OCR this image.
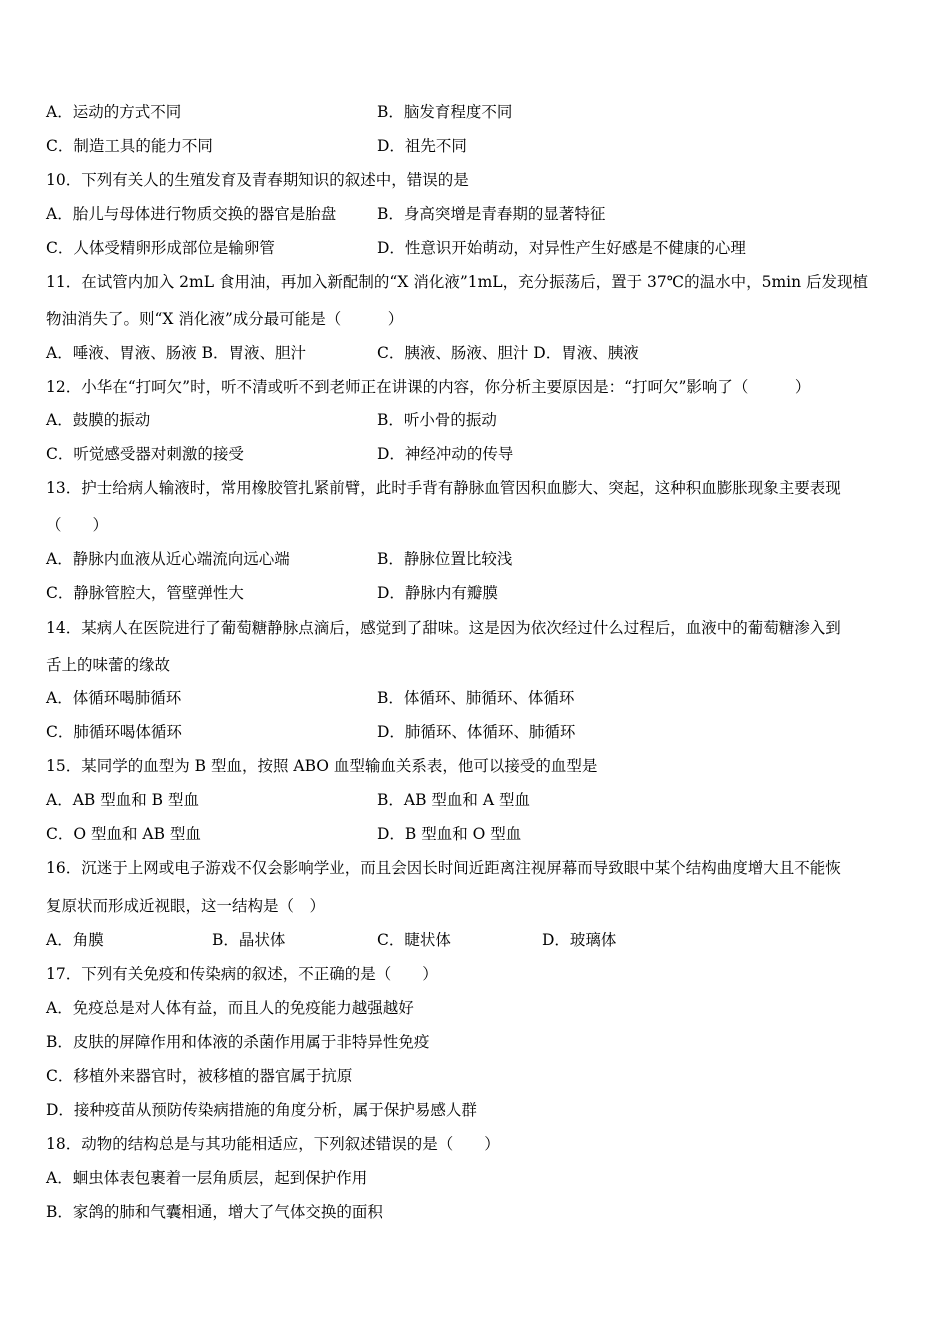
A．运动的方式不同	B．脑发育程度不同
C．制造工具的能力不同	D．祖先不同
10．下列有关人的生殖发育及青春期知识的叙述中，错误的是
A．胎儿与母体进行物质交换的器官是胎盘	B．身高突增是青春期的显著特征
C．人体受精卵形成部位是输卵管	D．性意识开始萌动，对异性产生好感是不健康的心理
11．在试管内加入 2mL 食用油，再加入新配制的“X 消化液”1mL，充分振荡后，置于 37℃的温水中，5min 后发现植
物油消失了。则“X 消化液”成分最可能是（　　　）
A．唾液、胃液、肠液 B．胃液、胆汁	C．胰液、肠液、胆汁 D．胃液、胰液
12．小华在“打呵欠”时，听不清或听不到老师正在讲课的内容，你分析主要原因是：“打呵欠”影响了（　　　）
A．鼓膜的振动	B．听小骨的振动
C．听觉感受器对刺激的接受	D．神经冲动的传导
13．护士给病人输液时，常用橡胶管扎紧前臂，此时手背有静脉血管因积血膨大、突起，这种积血膨胀现象主要表现
（　　）
A．静脉内血液从近心端流向远心端	B．静脉位置比较浅
C．静脉管腔大，管壁弹性大	D．静脉内有瓣膜
14．某病人在医院进行了葡萄糖静脉点滴后，感觉到了甜味。这是因为依次经过什么过程后，血液中的葡萄糖渗入到
舌上的味蕾的缘故
A．体循环喝肺循环	B．体循环、肺循环、体循环
C．肺循环喝体循环	D．肺循环、体循环、肺循环
15．某同学的血型为 B 型血，按照 ABO 血型输血关系表，他可以接受的血型是
A．AB 型血和 B 型血	B．AB 型血和 A 型血
C．O 型血和 AB 型血	D．B 型血和 O 型血
16．沉迷于上网或电子游戏不仅会影响学业，而且会因长时间近距离注视屏幕而导致眼中某个结构曲度增大且不能恢
复原状而形成近视眼，这一结构是（　）
A．角膜	B．晶状体	C．睫状体	D．玻璃体
17．下列有关免疫和传染病的叙述，不正确的是（　　）
A．免疫总是对人体有益，而且人的免疫能力越强越好
B．皮肤的屏障作用和体液的杀菌作用属于非特异性免疫
C．移植外来器官时，被移植的器官属于抗原
D．接种疫苗从预防传染病措施的角度分析，属于保护易感人群
18．动物的结构总是与其功能相适应，下列叙述错误的是（　　）
A．蛔虫体表包裹着一层角质层，起到保护作用
B．家鸽的肺和气囊相通，增大了气体交换的面积
